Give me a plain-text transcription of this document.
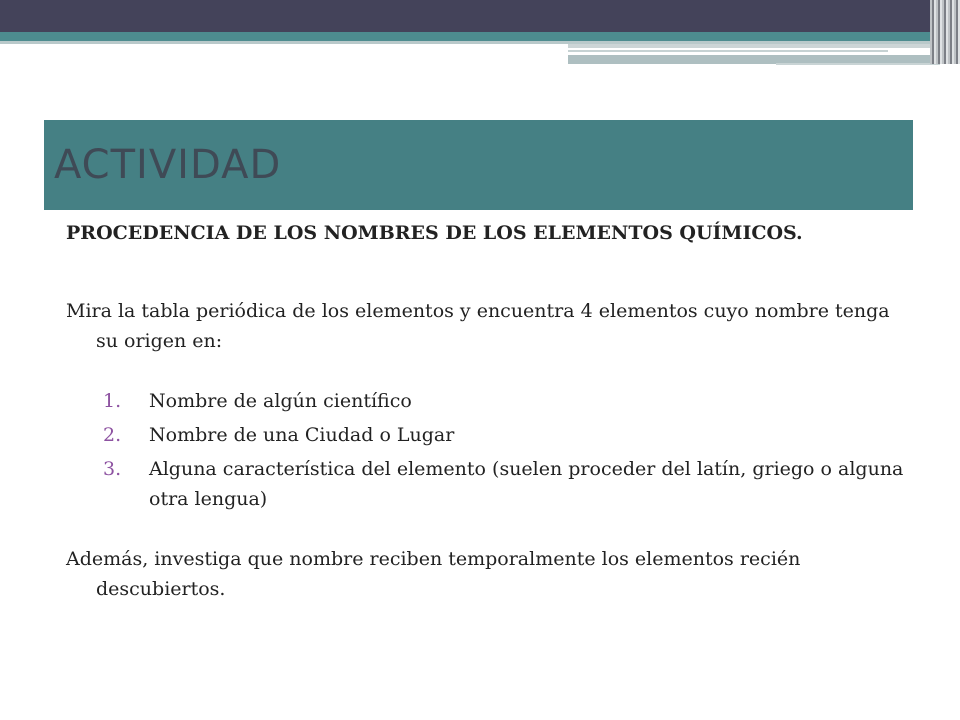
ACTIVIDAD

PROCEDENCIA DE LOS NOMBRES DE LOS ELEMENTOS QUÍMICOS.

Mira la tabla periódica de los elementos y encuentra 4 elementos cuyo nombre tenga su origen en:

1. Nombre de algún científico
2. Nombre de una Ciudad o Lugar
3. Alguna característica del elemento (suelen proceder del latín, griego o alguna otra lengua)

Además, investiga que nombre reciben temporalmente los elementos recién descubiertos.
